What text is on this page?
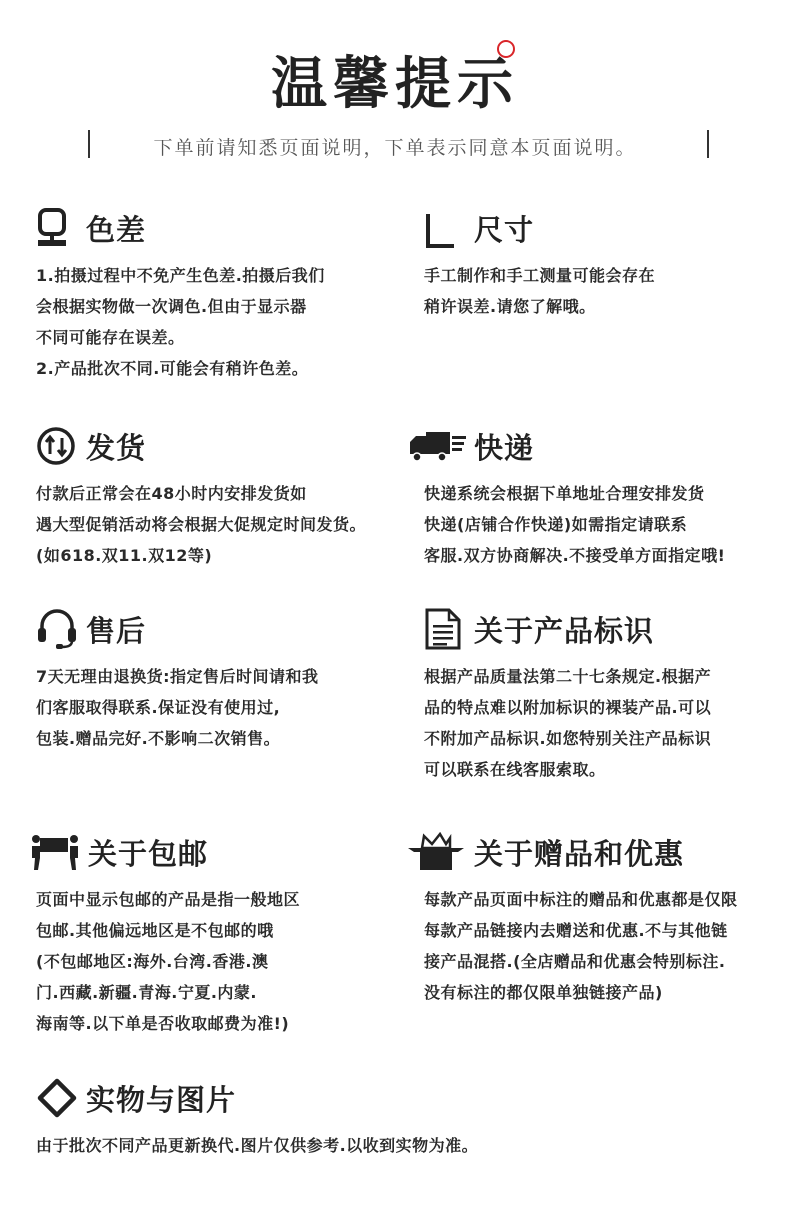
温馨提示
下单前请知悉页面说明，下单表示同意本页面说明。
色差
1.拍摄过程中不免产生色差.拍摄后我们
会根据实物做一次调色.但由于显示器
不同可能存在误差。
2.产品批次不同.可能会有稍许色差。
尺寸
手工制作和手工测量可能会存在
稍许误差.请您了解哦。
发货
付款后正常会在48小时内安排发货如
遇大型促销活动将会根据大促规定时间发货。
(如618.双11.双12等)
快递
快递系统会根据下单地址合理安排发货
快递(店铺合作快递)如需指定请联系
客服.双方协商解决.不接受单方面指定哦!
售后
7天无理由退换货:指定售后时间请和我
们客服取得联系.保证没有使用过,
包装.赠品完好.不影响二次销售。
关于产品标识
根据产品质量法第二十七条规定.根据产
品的特点难以附加标识的裸装产品.可以
不附加产品标识.如您特别关注产品标识
可以联系在线客服索取。
关于包邮
页面中显示包邮的产品是指一般地区
包邮.其他偏远地区是不包邮的哦
(不包邮地区:海外.台湾.香港.澳
门.西藏.新疆.青海.宁夏.内蒙.
海南等.以下单是否收取邮费为准!)
关于赠品和优惠
每款产品页面中标注的赠品和优惠都是仅限
每款产品链接内去赠送和优惠.不与其他链
接产品混搭.(全店赠品和优惠会特别标注.
没有标注的都仅限单独链接产品)
实物与图片
由于批次不同产品更新换代.图片仅供参考.以收到实物为准。
